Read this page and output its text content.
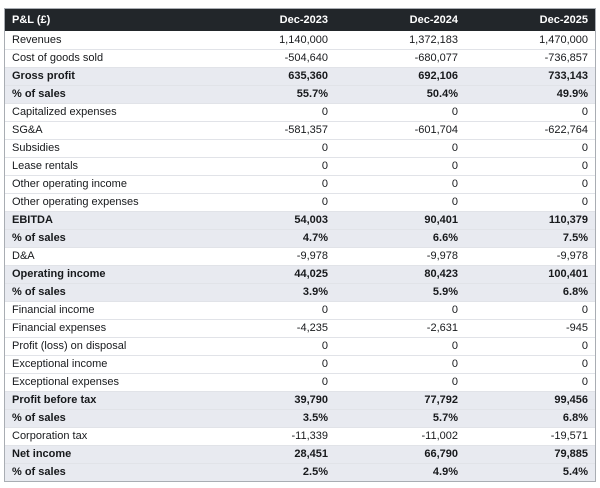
P&L (£)	Dec-2023	Dec-2024	Dec-2025
Revenues	1,140,000	1,372,183	1,470,000
Cost of goods sold	-504,640	-680,077	-736,857
Gross profit	635,360	692,106	733,143
% of sales	55.7%	50.4%	49.9%
Capitalized expenses	0	0	0
SG&A	-581,357	-601,704	-622,764
Subsidies	0	0	0
Lease rentals	0	0	0
Other operating income	0	0	0
Other operating expenses	0	0	0
EBITDA	54,003	90,401	110,379
% of sales	4.7%	6.6%	7.5%
D&A	-9,978	-9,978	-9,978
Operating income	44,025	80,423	100,401
% of sales	3.9%	5.9%	6.8%
Financial income	0	0	0
Financial expenses	-4,235	-2,631	-945
Profit (loss) on disposal	0	0	0
Exceptional income	0	0	0
Exceptional expenses	0	0	0
Profit before tax	39,790	77,792	99,456
% of sales	3.5%	5.7%	6.8%
Corporation tax	-11,339	-11,002	-19,571
Net income	28,451	66,790	79,885
% of sales	2.5%	4.9%	5.4%
